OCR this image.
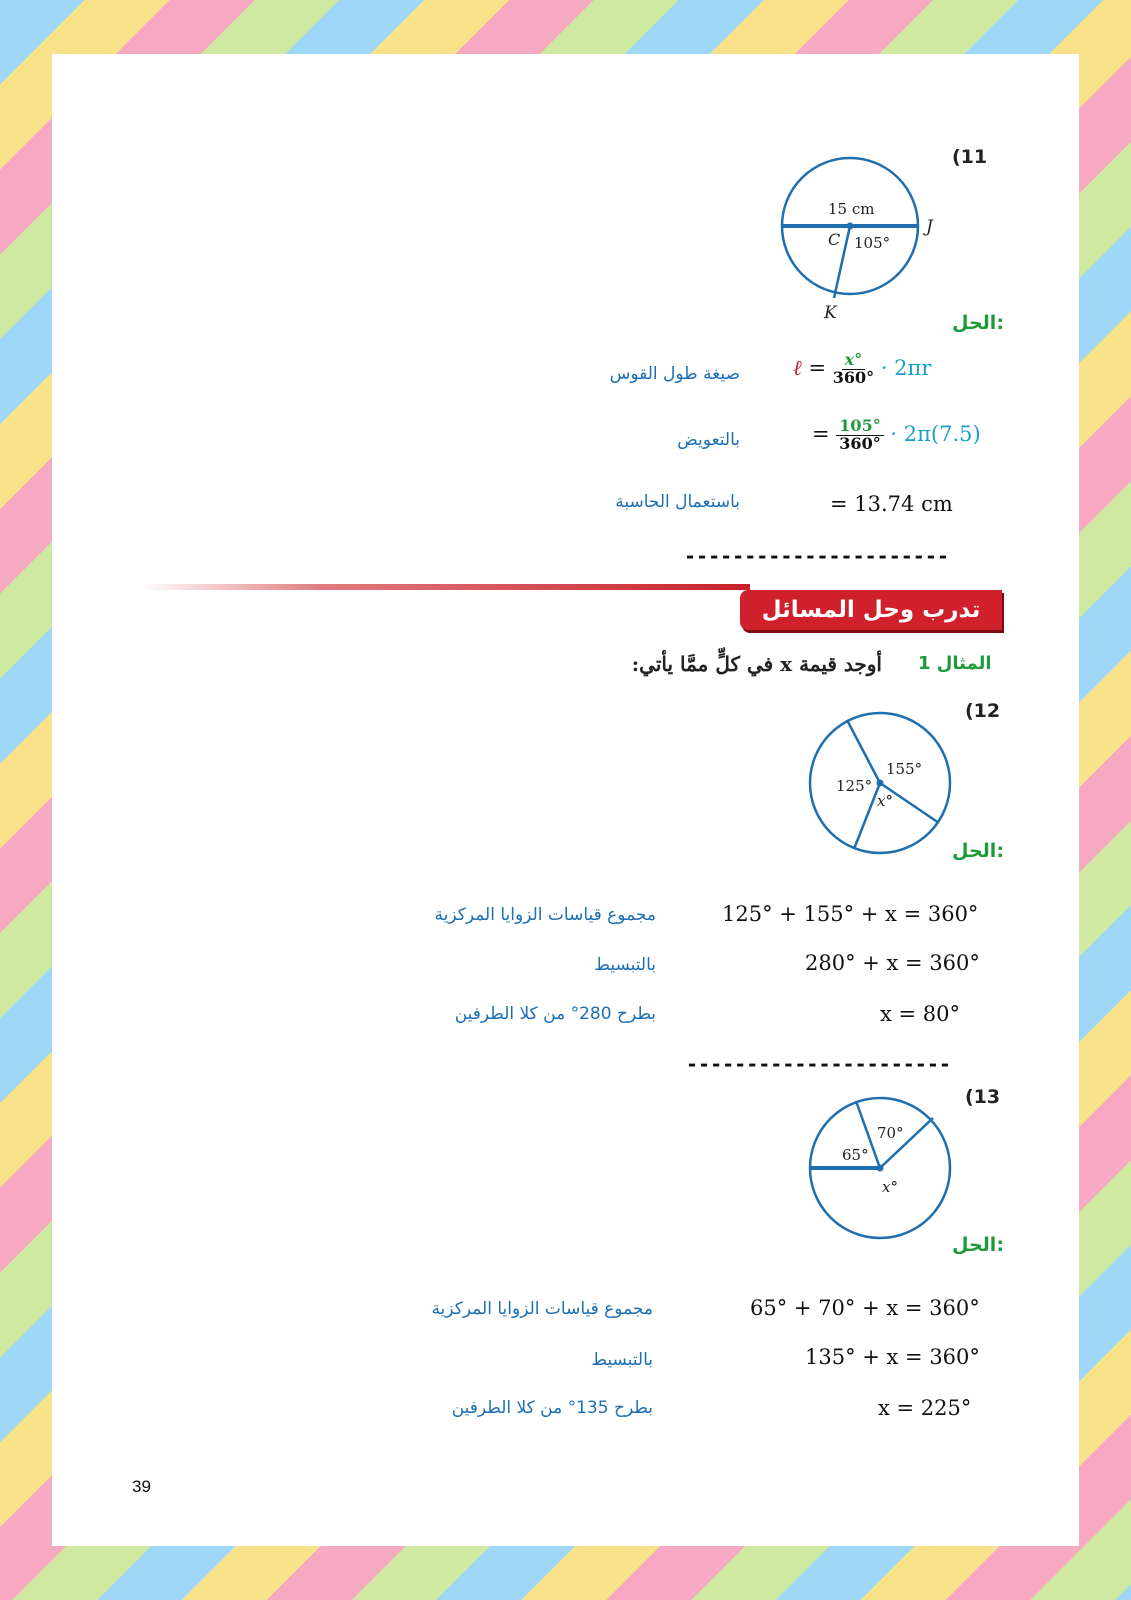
(11
15 cm
C 105°
J
K	الحل:
ℓ = $\frac{x^\circ}{360^\circ} \cdot 2\pi r$
صيغة طول القوس
= $\frac{105^\circ}{360^\circ} \cdot 2\pi(7.5)$
بالتعويض
= 13.74 cm
باستعمال الحاسبة
----------------------
تدرب وحل المسائل
المثال 1
أوجد قيمة x في كلٍّ ممَّا يأتي:
(12
155°
125°
x°
الحل:
125° + 155° + x = 360°
مجموع قياسات الزوايا المركزية
280° + x = 360°
بالتبسيط
x = 80°
بطرح 280° من كلا الطرفين
----------------------
(13
70°
65°
x°
الحل:
65° + 70° + x = 360°
مجموع قياسات الزوايا المركزية
135° + x = 360°
بالتبسيط
x = 225°
بطرح 135° من كلا الطرفين
39
